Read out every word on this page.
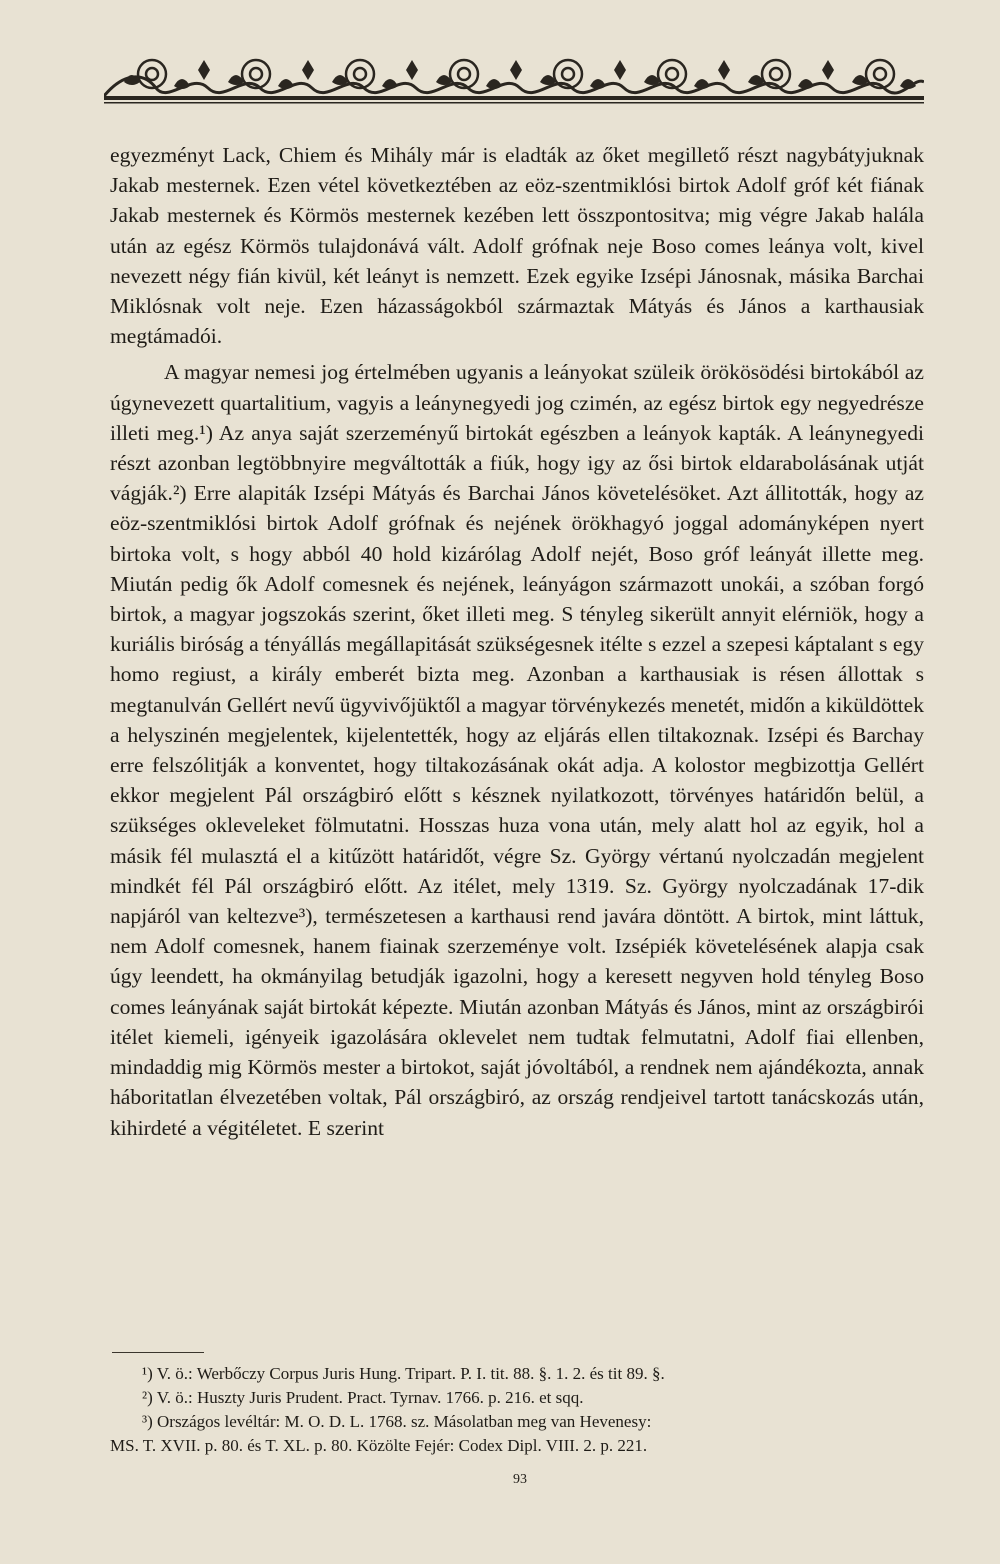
egyezményt Lack, Chiem és Mihály már is eladták az őket megillető részt nagybátyjuknak Jakab mesternek. Ezen vétel következtében az eöz-szentmiklósi birtok Adolf gróf két fiának Jakab mesternek és Körmös mesternek kezében lett összpontositva; mig végre Jakab halála után az egész Körmös tulajdonává vált. Adolf grófnak neje Boso comes leánya volt, kivel nevezett négy fián kivül, két leányt is nemzett. Ezek egyike Izsépi Jánosnak, másika Barchai Miklósnak volt neje. Ezen házasságokból származtak Mátyás és János a karthausiak megtámadói.

A magyar nemesi jog értelmében ugyanis a leányokat szüleik örökösödési birtokából az úgynevezett quartalitium, vagyis a leánynegyedi jog czimén, az egész birtok egy negyedrésze illeti meg.¹) Az anya saját szerzeményű birtokát egészben a leányok kapták. A leánynegyedi részt azonban legtöbbnyire megváltották a fiúk, hogy igy az ősi birtok eldarabolásának utját vágják.²) Erre alapiták Izsépi Mátyás és Barchai János követelésöket. Azt állitották, hogy az eöz-szentmiklósi birtok Adolf grófnak és nejének örökhagyó joggal adományképen nyert birtoka volt, s hogy abból 40 hold kizárólag Adolf nejét, Boso gróf leányát illette meg. Miután pedig ők Adolf comesnek és nejének, leányágon származott unokái, a szóban forgó birtok, a magyar jogszokás szerint, őket illeti meg. S tényleg sikerült annyit elérniök, hogy a kuriális biróság a tényállás megállapitását szükségesnek itélte s ezzel a szepesi káptalant s egy homo regiust, a király emberét bizta meg. Azonban a karthausiak is résen állottak s megtanulván Gellért nevű ügyvivőjüktől a magyar törvénykezés menetét, midőn a kiküldöttek a helyszinén megjelentek, kijelentették, hogy az eljárás ellen tiltakoznak. Izsépi és Barchay erre felszólitják a konventet, hogy tiltakozásának okát adja. A kolostor megbizottja Gellért ekkor megjelent Pál országbiró előtt s késznek nyilatkozott, törvényes határidőn belül, a szükséges okleveleket fölmutatni. Hosszas huza vona után, mely alatt hol az egyik, hol a másik fél mulasztá el a kitűzött határidőt, végre Sz. György vértanú nyolczadán megjelent mindkét fél Pál országbiró előtt. Az itélet, mely 1319. Sz. György nyolczadának 17-dik napjáról van keltezve³), természetesen a karthausi rend javára döntött. A birtok, mint láttuk, nem Adolf comesnek, hanem fiainak szerzeménye volt. Izsépiék követelésének alapja csak úgy leendett, ha okmányilag betudják igazolni, hogy a keresett negyven hold tényleg Boso comes leányának saját birtokát képezte. Miután azonban Mátyás és János, mint az országbirói itélet kiemeli, igényeik igazolására oklevelet nem tudtak felmutatni, Adolf fiai ellenben, mindaddig mig Körmös mester a birtokot, saját jóvoltából, a rendnek nem ajándékozta, annak háboritatlan élvezetében voltak, Pál országbiró, az ország rendjeivel tartott tanácskozás után, kihirdeté a végitéletet. E szerint

¹) V. ö.: Werbőczy Corpus Juris Hung. Tripart. P. I. tit. 88. §. 1. 2. és tit 89. §.

²) V. ö.: Huszty Juris Prudent. Pract. Tyrnav. 1766. p. 216. et sqq.

³) Országos levéltár: M. O. D. L. 1768. sz. Másolatban meg van Hevenesy:

MS. T. XVII. p. 80. és T. XL. p. 80. Közölte Fejér: Codex Dipl. VIII. 2. p. 221.

93
